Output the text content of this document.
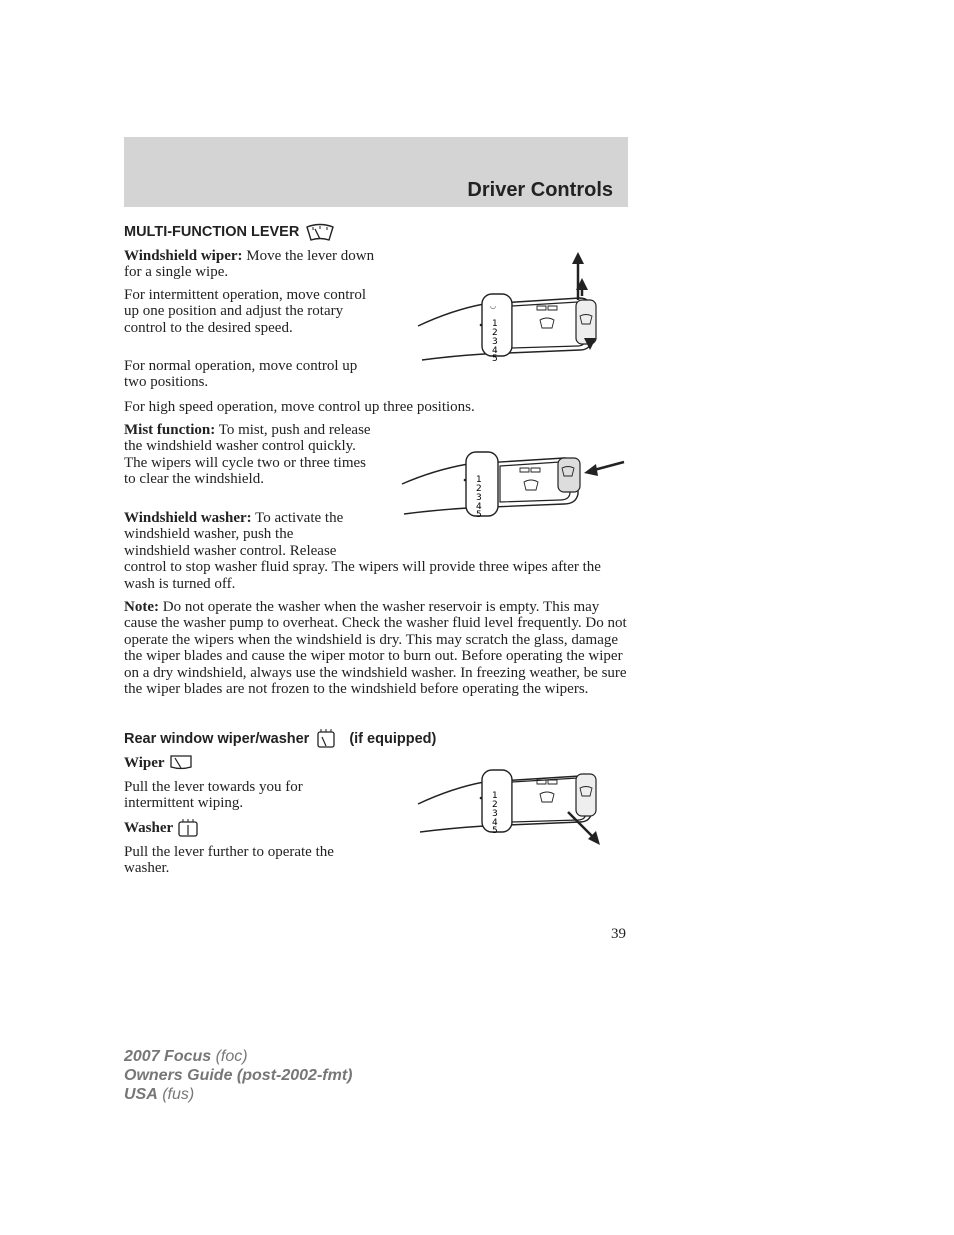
Driver Controls
MULTI-FUNCTION LEVER

Windshield wiper: Move the lever down for a single wipe.

For intermittent operation, move control up one position and adjust the rotary control to the desired speed.

For normal operation, move control up two positions.

For high speed operation, move control up three positions.

Mist function: To mist, push and release the windshield washer control quickly. The wipers will cycle two or three times to clear the windshield.

Windshield washer: To activate the windshield washer, push the windshield washer control. Release control to stop washer fluid spray. The wipers will provide three wipes after the wash is turned off.

Note: Do not operate the washer when the washer reservoir is empty. This may cause the washer pump to overheat. Check the washer fluid level frequently. Do not operate the wipers when the windshield is dry. This may scratch the glass, damage the wiper blades and cause the wiper motor to burn out. Before operating the wiper on a dry windshield, always use the windshield washer. In freezing weather, be sure the wiper blades are not frozen to the windshield before operating the wipers.

Rear window wiper/washer	(if equipped)
Wiper

Pull the lever towards you for intermittent wiping.

Washer

Pull the lever further to operate the washer.

◡
1
2
3
4
5
1
2
3
4
5
1
2
3
4
5
39
2007 Focus (foc)
Owners Guide (post-2002-fmt)
USA (fus)
